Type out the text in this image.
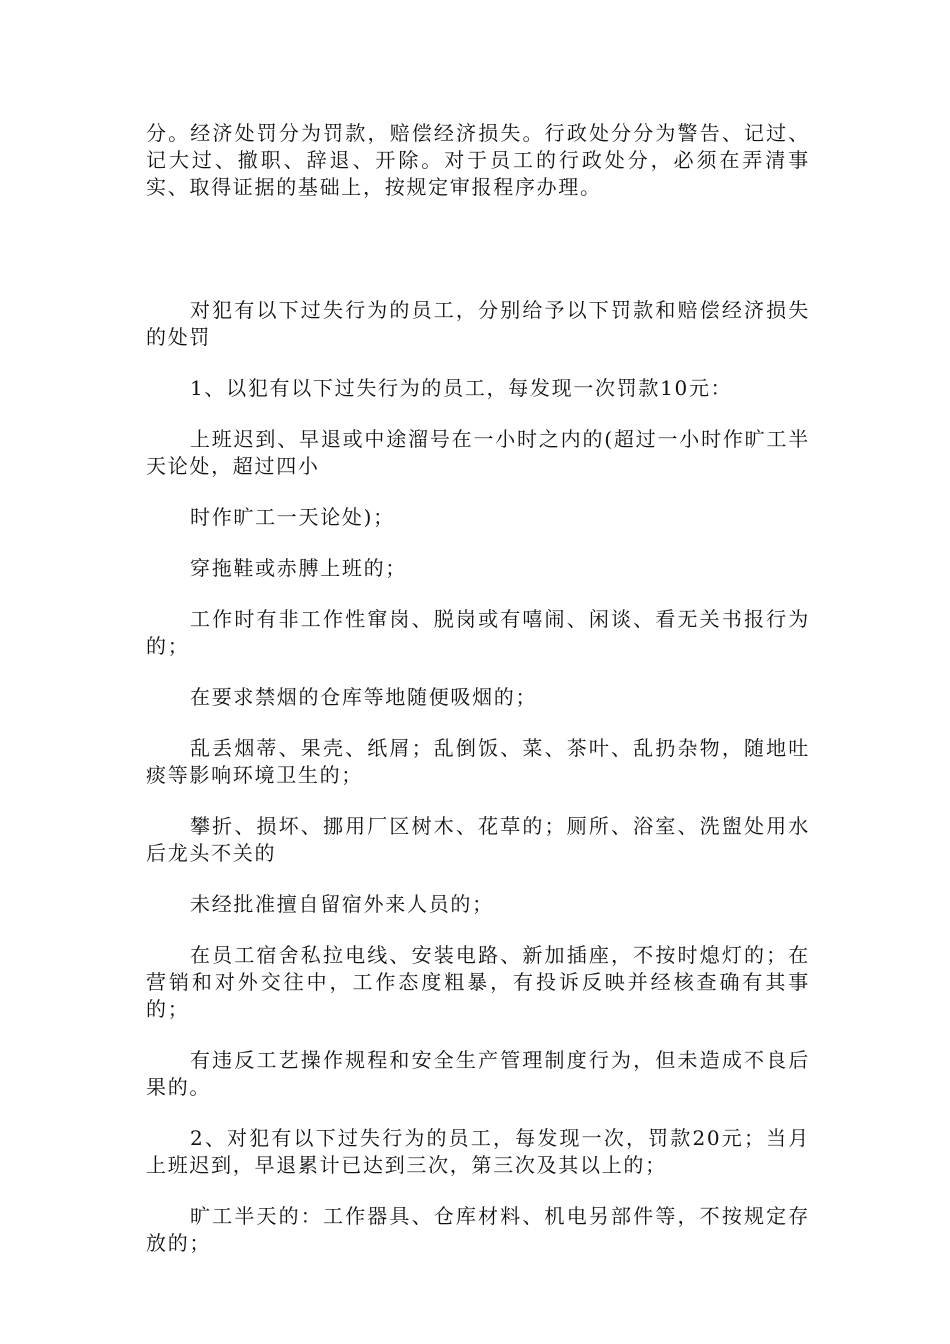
分。经济处罚分为罚款，赔偿经济损失。行政处分分为警告、记过、记大过、撤职、辞退、开除。对于员工的行政处分，必须在弄清事实、取得证据的基础上，按规定审报程序办理。

对犯有以下过失行为的员工，分别给予以下罚款和赔偿经济损失的处罚

1、以犯有以下过失行为的员工，每发现一次罚款10元：

上班迟到、早退或中途溜号在一小时之内的(超过一小时作旷工半天论处，超过四小

时作旷工一天论处)；

穿拖鞋或赤膊上班的；

工作时有非工作性窜岗、脱岗或有嘻闹、闲谈、看无关书报行为的；

在要求禁烟的仓库等地随便吸烟的；

乱丢烟蒂、果壳、纸屑；乱倒饭、菜、茶叶、乱扔杂物，随地吐痰等影响环境卫生的；

攀折、损坏、挪用厂区树木、花草的；厕所、浴室、洗盥处用水后龙头不关的

未经批准擅自留宿外来人员的；

在员工宿舍私拉电线、安装电路、新加插座，不按时熄灯的；在营销和对外交往中，工作态度粗暴，有投诉反映并经核查确有其事的；

有违反工艺操作规程和安全生产管理制度行为，但未造成不良后果的。

2、对犯有以下过失行为的员工，每发现一次，罚款20元；当月上班迟到，早退累计已达到三次，第三次及其以上的；

旷工半天的：工作器具、仓库材料、机电另部件等，不按规定存放的；
